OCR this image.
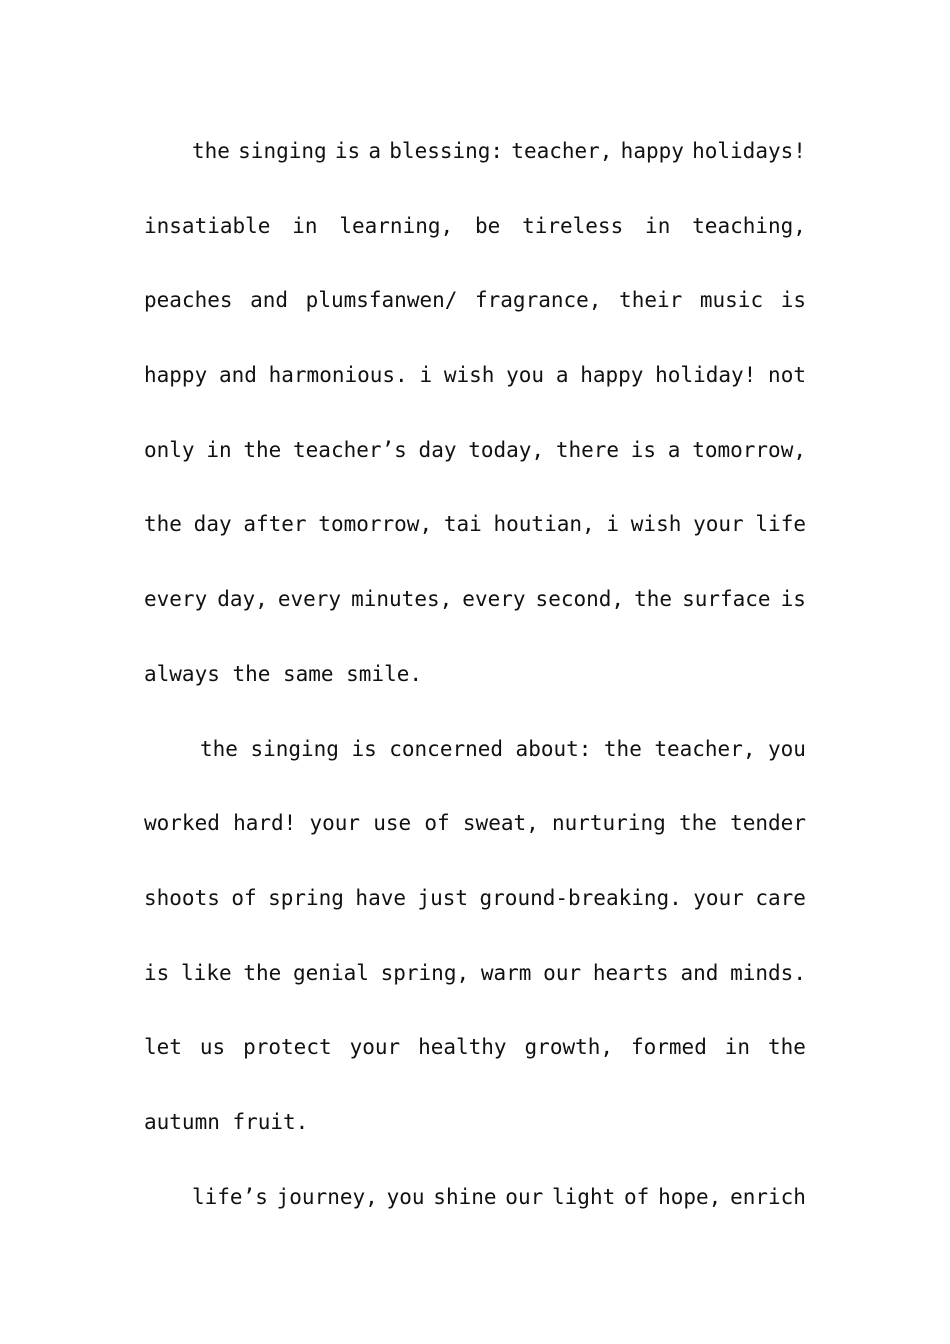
the singing is a blessing: teacher, happy holidays!
insatiable in learning, be tireless in teaching,
peaches and plumsfanwen/ fragrance, their music is
happy and harmonious. i wish you a happy holiday! not
only in the teacher’s day today, there is a tomorrow,
the day after tomorrow, tai houtian, i wish your life
every day, every minutes, every second, the surface is
always the same smile.
the singing is concerned about: the teacher, you
worked hard! your use of sweat, nurturing the tender
shoots of spring have just ground-breaking. your care
is like the genial spring, warm our hearts and minds.
let us protect your healthy growth, formed in the
autumn fruit.
life’s journey, you shine our light of hope, enrich
